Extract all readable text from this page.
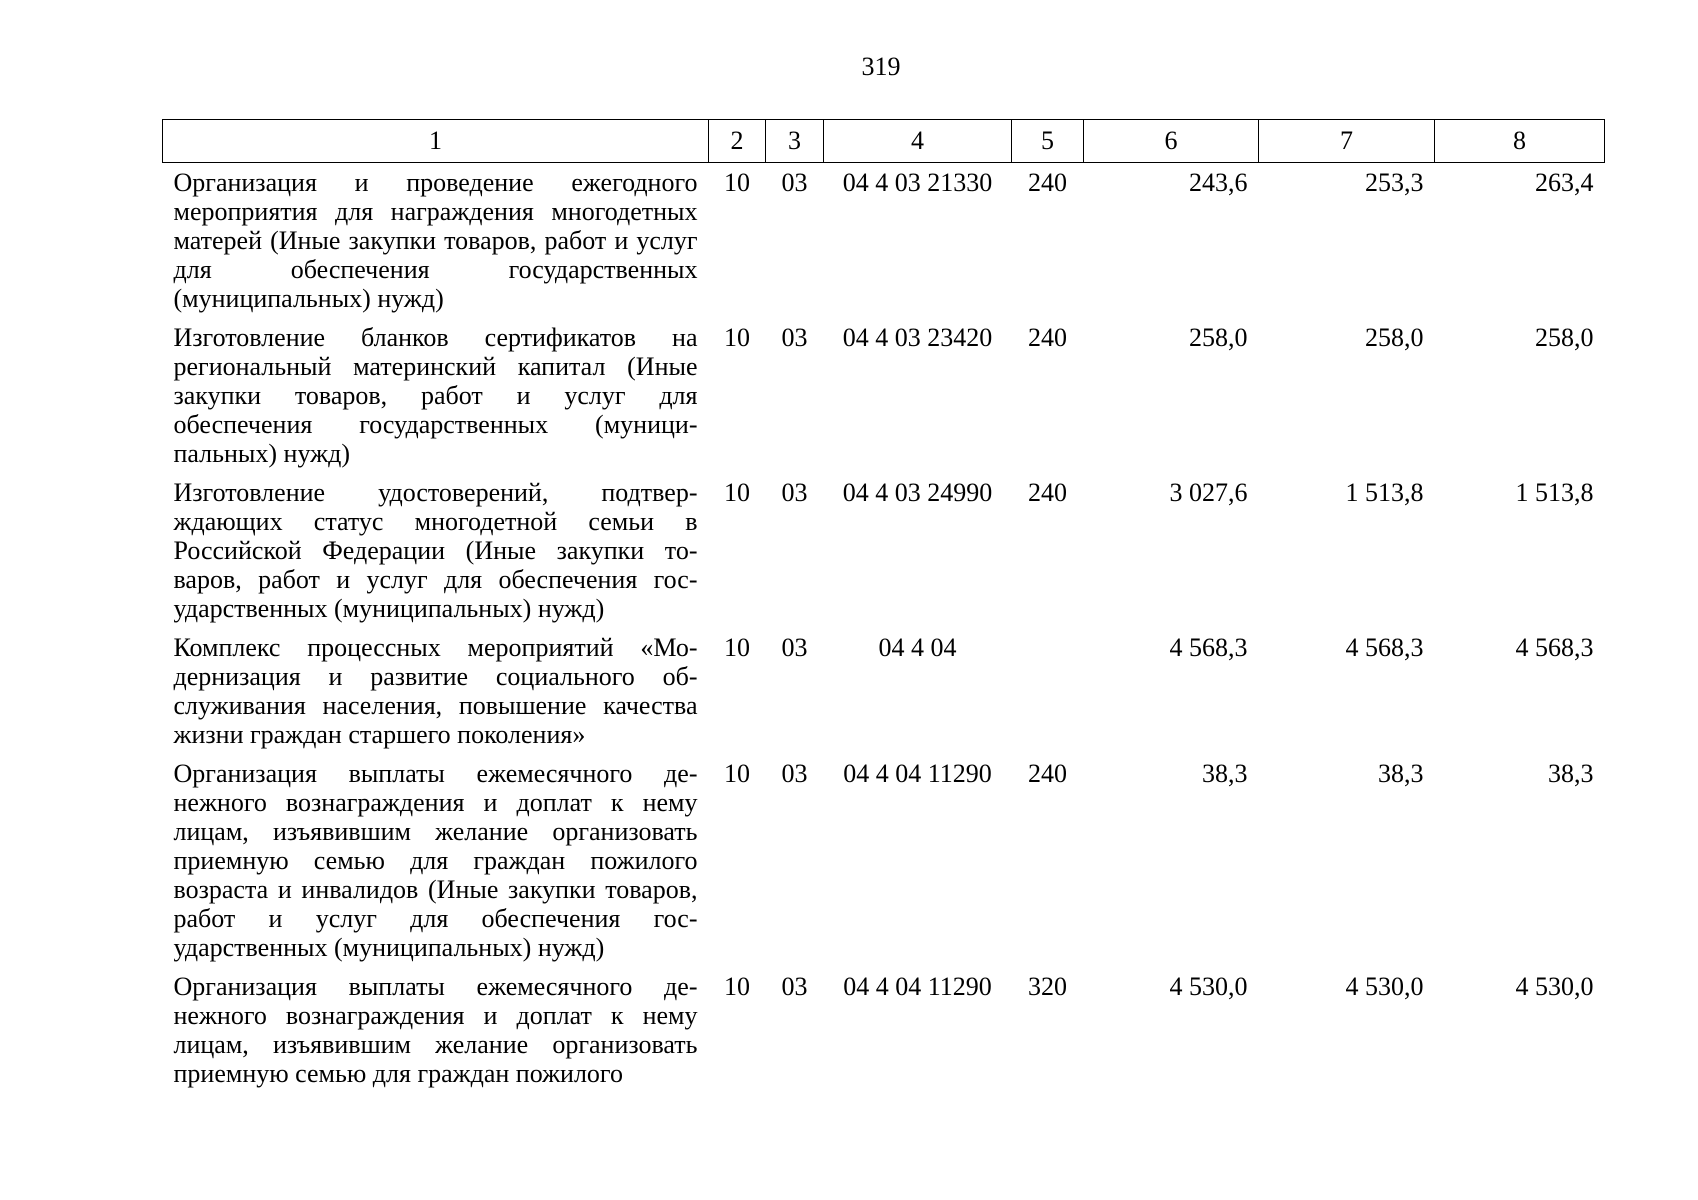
319
1	2	3	4	5	6	7	8
Организация и проведение ежегодного мероприятия для награждения многодетных матерей (Иные закупки товаров, работ и услуг для обеспечения государственных (муниципальных) нужд)	10	03	04 4 03 21330	240	243,6	253,3	263,4
Изготовление бланков сертификатов на региональный материнский капитал (Иные закупки товаров, работ и услуг для обеспечения государственных (муниципальных) нужд)	10	03	04 4 03 23420	240	258,0	258,0	258,0
Изготовление удостоверений, подтверждающих статус многодетной семьи в Российской Федерации (Иные закупки товаров, работ и услуг для обеспечения государственных (муниципальных) нужд)	10	03	04 4 03 24990	240	3 027,6	1 513,8	1 513,8
Комплекс процессных мероприятий «Модернизация и развитие социального обслуживания населения, повышение качества жизни граждан старшего поколения»	10	03	04 4 04		4 568,3	4 568,3	4 568,3
Организация выплаты ежемесячного денежного вознаграждения и доплат к нему лицам, изъявившим желание организовать приемную семью для граждан пожилого возраста и инвалидов (Иные закупки товаров, работ и услуг для обеспечения государственных (муниципальных) нужд)	10	03	04 4 04 11290	240	38,3	38,3	38,3
Организация выплаты ежемесячного денежного вознаграждения и доплат к нему лицам, изъявившим желание организовать приемную семью для граждан пожилого	10	03	04 4 04 11290	320	4 530,0	4 530,0	4 530,0
